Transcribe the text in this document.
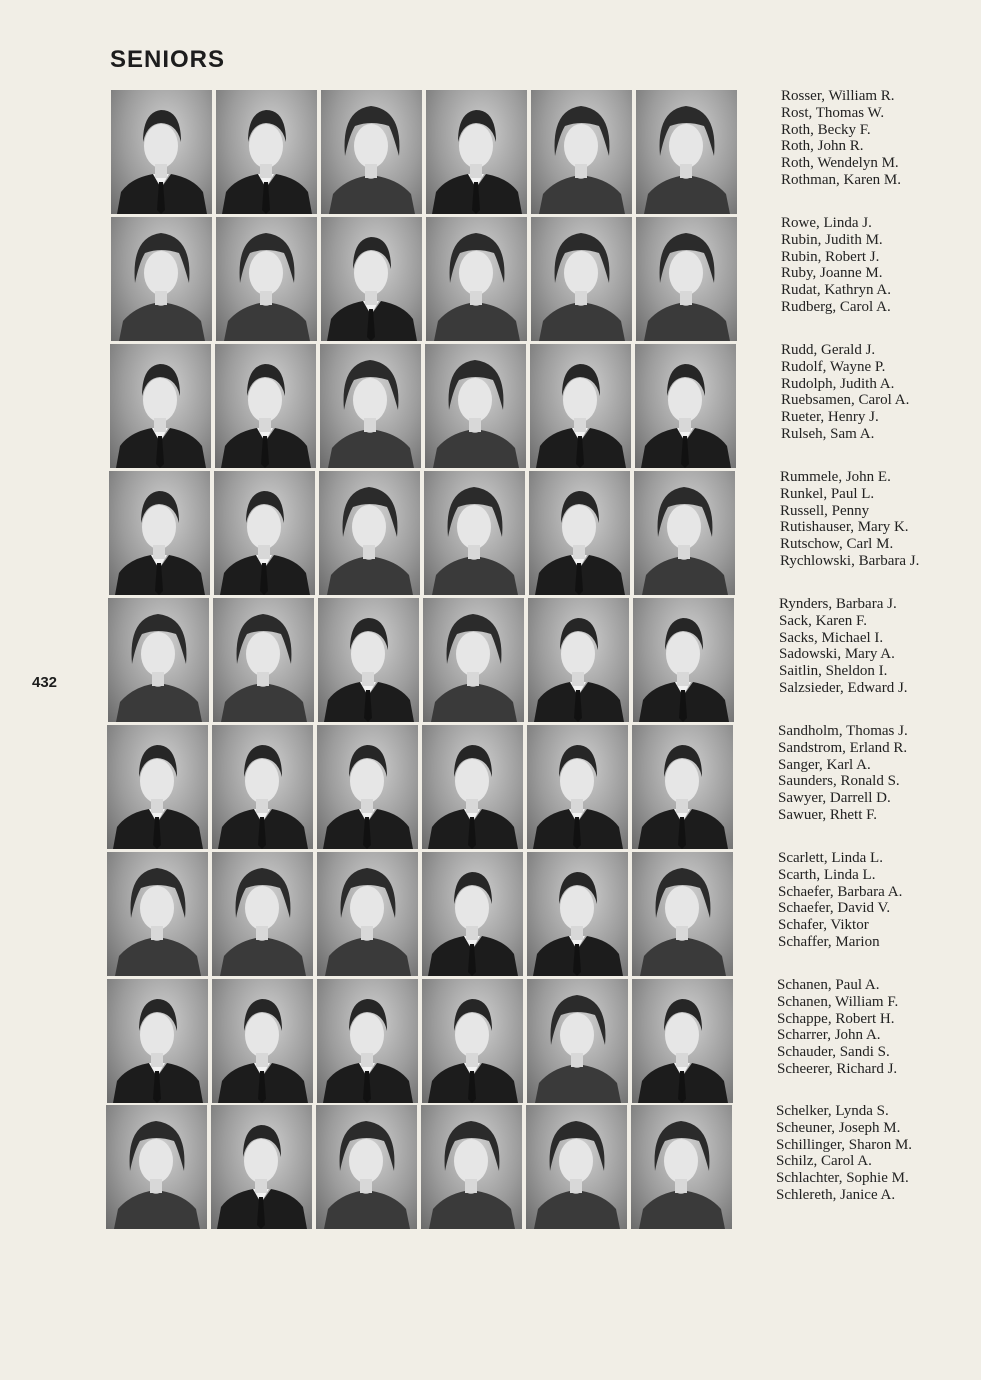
SENIORS
432
Rosser, William R.
Rost, Thomas W.
Roth, Becky F.
Roth, John R.
Roth, Wendelyn M.
Rothman, Karen M.
Rowe, Linda J.
Rubin, Judith M.
Rubin, Robert J.
Ruby, Joanne M.
Rudat, Kathryn A.
Rudberg, Carol A.
Rudd, Gerald J.
Rudolf, Wayne P.
Rudolph, Judith A.
Ruebsamen, Carol A.
Rueter, Henry J.
Rulseh, Sam A.
Rummele, John E.
Runkel, Paul L.
Russell, Penny
Rutishauser, Mary K.
Rutschow, Carl M.
Rychlowski, Barbara J.
Rynders, Barbara J.
Sack, Karen F.
Sacks, Michael I.
Sadowski, Mary A.
Saitlin, Sheldon I.
Salzsieder, Edward J.
Sandholm, Thomas J.
Sandstrom, Erland R.
Sanger, Karl A.
Saunders, Ronald S.
Sawyer, Darrell D.
Sawuer, Rhett F.
Scarlett, Linda L.
Scarth, Linda L.
Schaefer, Barbara A.
Schaefer, David V.
Schafer, Viktor
Schaffer, Marion
Schanen, Paul A.
Schanen, William F.
Schappe, Robert H.
Scharrer, John A.
Schauder, Sandi S.
Scheerer, Richard J.
Schelker, Lynda S.
Scheuner, Joseph M.
Schillinger, Sharon M.
Schilz, Carol A.
Schlachter, Sophie M.
Schlereth, Janice A.
